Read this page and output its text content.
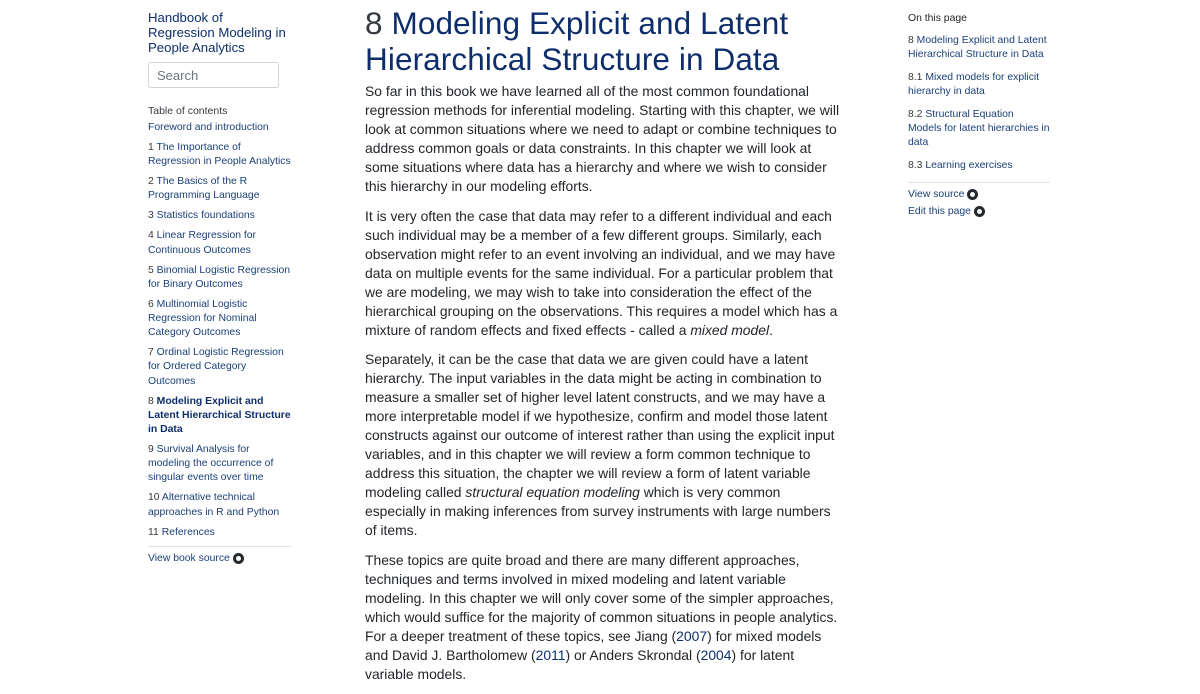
Handbook of Regression Modeling in People Analytics
Search
Table of contents
Foreword and introduction
1 The Importance of Regression in People Analytics
2 The Basics of the R Programming Language
3 Statistics foundations
4 Linear Regression for Continuous Outcomes
5 Binomial Logistic Regression for Binary Outcomes
6 Multinomial Logistic Regression for Nominal Category Outcomes
7 Ordinal Logistic Regression for Ordered Category Outcomes
8 Modeling Explicit and Latent Hierarchical Structure in Data
9 Survival Analysis for modeling the occurrence of singular events over time
10 Alternative technical approaches in R and Python
11 References
View book source
8 Modeling Explicit and Latent Hierarchical Structure in Data

So far in this book we have learned all of the most common foundational regression methods for inferential modeling. Starting with this chapter, we will look at common situations where we need to adapt or combine techniques to address common goals or data constraints. In this chapter we will look at some situations where data has a hierarchy and where we wish to consider this hierarchy in our modeling efforts.

It is very often the case that data may refer to a different individual and each such individual may be a member of a few different groups. Similarly, each observation might refer to an event involving an individual, and we may have data on multiple events for the same individual. For a particular problem that we are modeling, we may wish to take into consideration the effect of the hierarchical grouping on the observations. This requires a model which has a mixture of random effects and fixed effects - called a mixed model.

Separately, it can be the case that data we are given could have a latent hierarchy. The input variables in the data might be acting in combination to measure a smaller set of higher level latent constructs, and we may have a more interpretable model if we hypothesize, confirm and model those latent constructs against our outcome of interest rather than using the explicit input variables, and in this chapter we will review a form common technique to address this situation, the chapter we will review a form of latent variable modeling called structural equation modeling which is very common especially in making inferences from survey instruments with large numbers of items.

These topics are quite broad and there are many different approaches, techniques and terms involved in mixed modeling and latent variable modeling. In this chapter we will only cover some of the simpler approaches, which would suffice for the majority of common situations in people analytics. For a deeper treatment of these topics, see Jiang (2007) for mixed models and David J. Bartholomew (2011) or Anders Skrondal (2004) for latent variable models.

On this page
8 Modeling Explicit and Latent Hierarchical Structure in Data
8.1 Mixed models for explicit hierarchy in data
8.2 Structural Equation Models for latent hierarchies in data
8.3 Learning exercises
View source
Edit this page
